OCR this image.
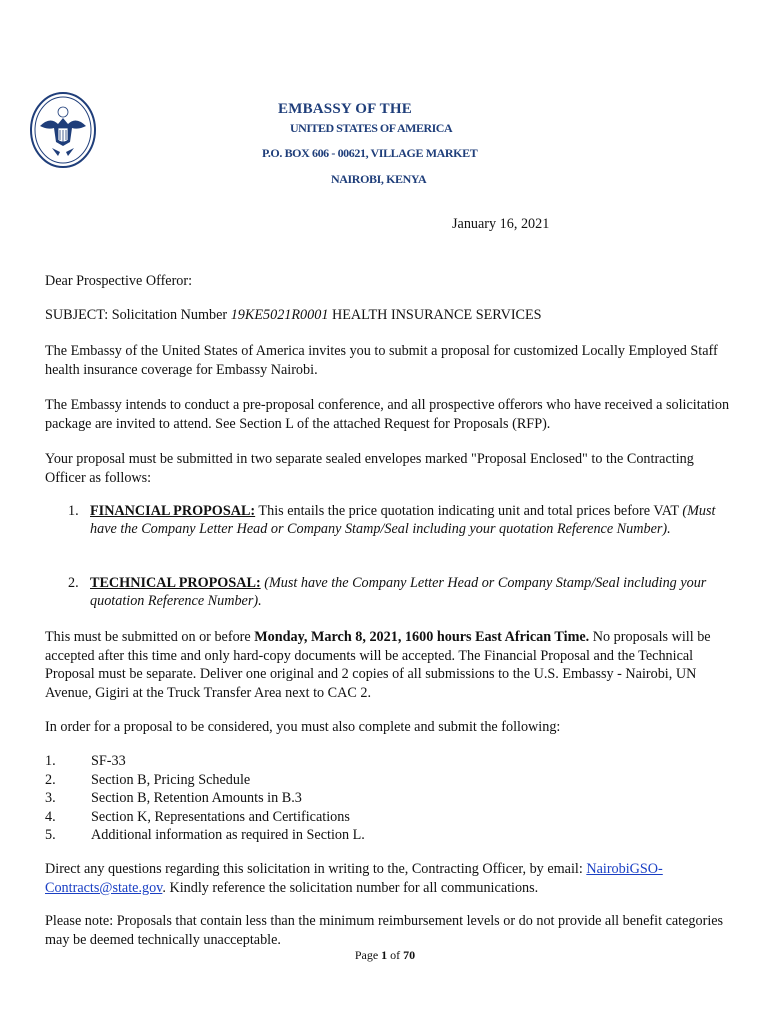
EMBASSY OF THE
UNITED STATES OF AMERICA
P.O. BOX 606 - 00621, VILLAGE MARKET
NAIROBI, KENYA
January 16, 2021
Dear Prospective Offeror:
SUBJECT: Solicitation Number 19KE5021R0001 HEALTH INSURANCE SERVICES
The Embassy of the United States of America invites you to submit a proposal for customized Locally Employed Staff health insurance coverage for Embassy Nairobi.
The Embassy intends to conduct a pre-proposal conference, and all prospective offerors who have received a solicitation package are invited to attend. See Section L of the attached Request for Proposals (RFP).
Your proposal must be submitted in two separate sealed envelopes marked "Proposal Enclosed" to the Contracting Officer as follows:
1. FINANCIAL PROPOSAL: This entails the price quotation indicating unit and total prices before VAT (Must have the Company Letter Head or Company Stamp/Seal including your quotation Reference Number).
2. TECHNICAL PROPOSAL: (Must have the Company Letter Head or Company Stamp/Seal including your quotation Reference Number).
This must be submitted on or before Monday, March 8, 2021, 1600 hours East African Time. No proposals will be accepted after this time and only hard-copy documents will be accepted. The Financial Proposal and the Technical Proposal must be separate. Deliver one original and 2 copies of all submissions to the U.S. Embassy - Nairobi, UN Avenue, Gigiri at the Truck Transfer Area next to CAC 2.
In order for a proposal to be considered, you must also complete and submit the following:
1. SF-33
2. Section B, Pricing Schedule
3. Section B, Retention Amounts in B.3
4. Section K, Representations and Certifications
5. Additional information as required in Section L.
Direct any questions regarding this solicitation in writing to the, Contracting Officer, by email: NairobiGSO-Contracts@state.gov. Kindly reference the solicitation number for all communications.
Please note: Proposals that contain less than the minimum reimbursement levels or do not provide all benefit categories may be deemed technically unacceptable.
Page 1 of 70
